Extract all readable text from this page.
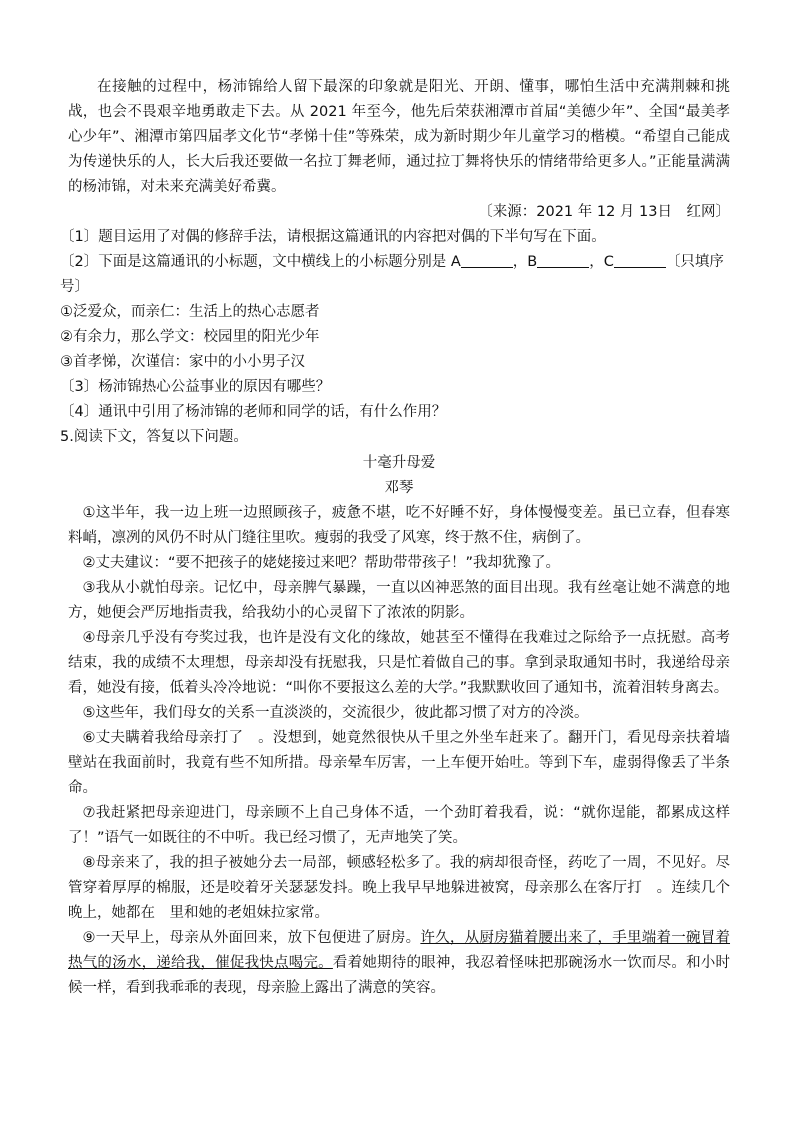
在接触的过程中，杨沛锦给人留下最深的印象就是阳光、开朗、懂事，哪怕生活中充满荆棘和挑战，也会不畏艰辛地勇敢走下去。从 2021 年至今，他先后荣获湘潭市首届“美德少年”、全国“最美孝心少年”、湘潭市第四届孝文化节“孝悌十佳”等殊荣，成为新时期少年儿童学习的楷模。“希望自己能成为传递快乐的人，长大后我还要做一名拉丁舞老师，通过拉丁舞将快乐的情绪带给更多人。”正能量满满的杨沛锦，对未来充满美好希冀。

〔来源：2021 年 12 月 13日　红网〕

〔1〕题目运用了对偶的修辞手法，请根据这篇通讯的内容把对偶的下半句写在下面。

〔2〕下面是这篇通讯的小标题，文中横线上的小标题分别是 A	，B	，C	〔只填序号〕

①泛爱众，而亲仁：生活上的热心志愿者

②有余力，那么学文：校园里的阳光少年

③首孝悌，次谨信：家中的小小男子汉

〔3〕杨沛锦热心公益事业的原因有哪些？

〔4〕通讯中引用了杨沛锦的老师和同学的话，有什么作用？

5.阅读下文，答复以下问题。

十毫升母爱

邓琴

①这半年，我一边上班一边照顾孩子，疲惫不堪，吃不好睡不好，身体慢慢变差。虽已立春，但春寒料峭，凛冽的风仍不时从门缝往里吹。瘦弱的我受了风寒，终于熬不住，病倒了。

②丈夫建议：“要不把孩子的姥姥接过来吧？帮助带带孩子！”我却犹豫了。

③我从小就怕母亲。记忆中，母亲脾气暴躁，一直以凶神恶煞的面目出现。我有丝毫让她不满意的地方，她便会严厉地指责我，给我幼小的心灵留下了浓浓的阴影。

④母亲几乎没有夸奖过我，也许是没有文化的缘故，她甚至不懂得在我难过之际给予一点抚慰。高考结束，我的成绩不太理想，母亲却没有抚慰我，只是忙着做自己的事。拿到录取通知书时，我递给母亲看，她没有接，低着头冷冷地说：“叫你不要报这么差的大学。”我默默收回了通知书，流着泪转身离去。

⑤这些年，我们母女的关系一直淡淡的，交流很少，彼此都习惯了对方的冷淡。

⑥丈夫瞒着我给母亲打了　。没想到，她竟然很快从千里之外坐车赶来了。翻开门，看见母亲扶着墙壁站在我面前时，我竟有些不知所措。母亲晕车厉害，一上车便开始吐。等到下车，虚弱得像丢了半条命。

⑦我赶紧把母亲迎进门，母亲顾不上自己身体不适，一个劲盯着我看，说：“就你逞能，都累成这样了！”语气一如既往的不中听。我已经习惯了，无声地笑了笑。

⑧母亲来了，我的担子被她分去一局部，顿感轻松多了。我的病却很奇怪，药吃了一周，不见好。尽管穿着厚厚的棉服，还是咬着牙关瑟瑟发抖。晚上我早早地躲进被窝，母亲那么在客厅打　。连续几个晚上，她都在　里和她的老姐妹拉家常。

⑨一天早上，母亲从外面回来，放下包便进了厨房。许久，从厨房猫着腰出来了，手里端着一碗冒着热气的汤水，递给我，催促我快点喝完。看着她期待的眼神，我忍着怪味把那碗汤水一饮而尽。和小时候一样，看到我乖乖的表现，母亲脸上露出了满意的笑容。
